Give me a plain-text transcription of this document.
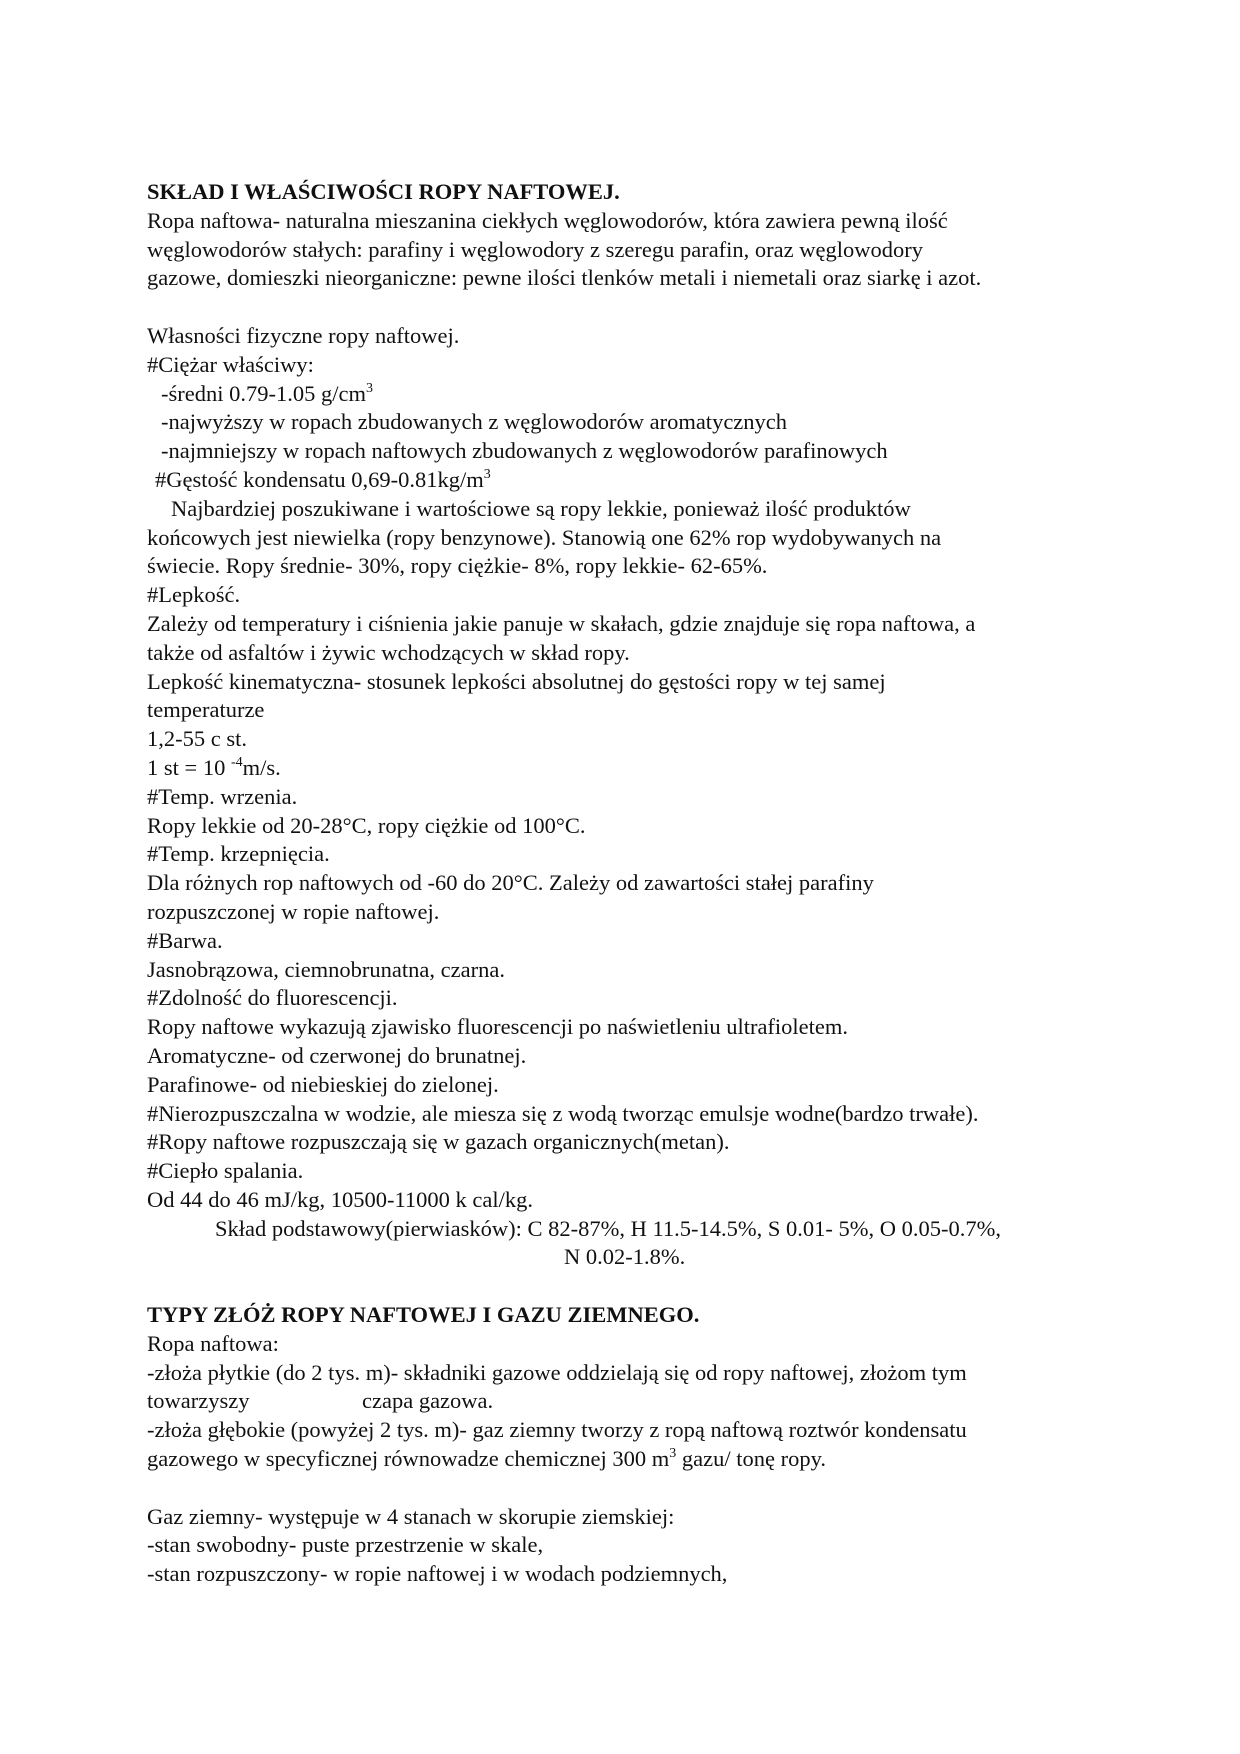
SKŁAD I WŁAŚCIWOŚCI ROPY NAFTOWEJ.
Ropa naftowa- naturalna mieszanina ciekłych węglowodorów, która zawiera pewną ilość
węglowodorów stałych: parafiny i węglowodory z szeregu parafin, oraz węglowodory
gazowe, domieszki nieorganiczne: pewne ilości tlenków metali i niemetali oraz siarkę i azot.
Własności fizyczne ropy naftowej.
#Ciężar właściwy:
-średni 0.79-1.05 $g/cm^3$
-najwyższy w ropach zbudowanych z węglowodorów aromatycznych
-najmniejszy w ropach naftowych zbudowanych z węglowodorów parafinowych
#Gęstość kondensatu $0,69-0.81kg/m^3$
Najbardziej poszukiwane i wartościowe są ropy lekkie, ponieważ ilość produktów
końcowych jest niewielka (ropy benzynowe). Stanowią one 62% rop wydobywanych na
świecie. Ropy średnie- 30%, ropy ciężkie- 8%, ropy lekkie- 62-65%.
#Lepkość.
Zależy od temperatury i ciśnienia jakie panuje w skałach, gdzie znajduje się ropa naftowa, a
także od asfaltów i żywic wchodzących w skład ropy.
Lepkość kinematyczna- stosunek lepkości absolutnej do gęstości ropy w tej samej
temperaturze
1,2-55 c st.
1 st = 10 $^{-4}$m/s.
#Temp. wrzenia.
Ropy lekkie od 20-28°C, ropy ciężkie od 100°C.
#Temp. krzepnięcia.
Dla różnych rop naftowych od -60 do 20°C. Zależy od zawartości stałej parafiny
rozpuszczonej w ropie naftowej.
#Barwa.
Jasnobrązowa, ciemnobrunatna, czarna.
#Zdolność do fluorescencji.
Ropy naftowe wykazują zjawisko fluorescencji po naświetleniu ultrafioletem.
Aromatyczne- od czerwonej do brunatnej.
Parafinowe- od niebieskiej do zielonej.
#Nierozpuszczalna w wodzie, ale miesza się z wodą tworząc emulsje wodne(bardzo trwałe).
#Ropy naftowe rozpuszczają się w gazach organicznych(metan).
#Ciepło spalania.
Od 44 do 46 mJ/kg, 10500-11000 k cal/kg.
Skład podstawowy(pierwiasków): C 82-87%, H 11.5-14.5%, S 0.01- 5%, O 0.05-0.7%,
N 0.02-1.8%.
TYPY ZŁÓŻ ROPY NAFTOWEJ I GAZU ZIEMNEGO.
Ropa naftowa:
-złoża płytkie (do 2 tys. m)- składniki gazowe oddzielają się od ropy naftowej, złożom tym
towarzyszy	czapa gazowa.
-złoża głębokie (powyżej 2 tys. m)- gaz ziemny tworzy z ropą naftową roztwór kondensatu
gazowego w specyficznej równowadze chemicznej 300 $m^3$ gazu/ tonę ropy.
Gaz ziemny- występuje w 4 stanach w skorupie ziemskiej:
-stan swobodny- puste przestrzenie w skale,
-stan rozpuszczony- w ropie naftowej i w wodach podziemnych,
